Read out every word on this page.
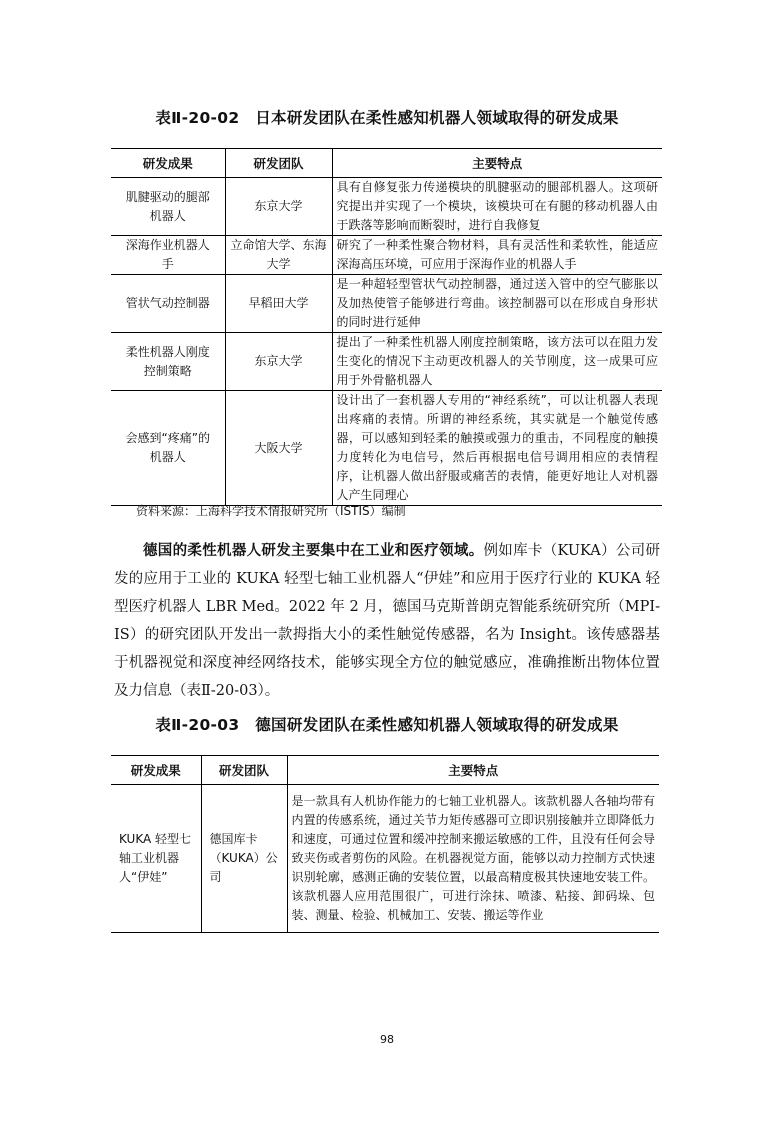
表Ⅱ-20-02　日本研发团队在柔性感知机器人领域取得的研发成果
研发成果	研发团队	主要特点
肌腱驱动的腿部机器人	东京大学	具有自修复张力传递模块的肌腱驱动的腿部机器人。这项研究提出并实现了一个模块，该模块可在有腿的移动机器人由于跌落等影响而断裂时，进行自我修复
深海作业机器人手	立命馆大学、东海大学	研究了一种柔性聚合物材料，具有灵活性和柔软性，能适应深海高压环境，可应用于深海作业的机器人手
管状气动控制器	早稻田大学	是一种超轻型管状气动控制器，通过送入管中的空气膨胀以及加热使管子能够进行弯曲。该控制器可以在形成自身形状的同时进行延伸
柔性机器人刚度控制策略	东京大学	提出了一种柔性机器人刚度控制策略，该方法可以在阻力发生变化的情况下主动更改机器人的关节刚度，这一成果可应用于外骨骼机器人
会感到“疼痛”的机器人	大阪大学	设计出了一套机器人专用的“神经系统”，可以让机器人表现出疼痛的表情。所谓的神经系统，其实就是一个触觉传感器，可以感知到轻柔的触摸或强力的重击，不同程度的触摸力度转化为电信号，然后再根据电信号调用相应的表情程序，让机器人做出舒服或痛苦的表情，能更好地让人对机器人产生同理心
资料来源：上海科学技术情报研究所（ISTIS）编制

德国的柔性机器人研发主要集中在工业和医疗领域。例如库卡（KUKA）公司研发的应用于工业的 KUKA 轻型七轴工业机器人“伊娃”和应用于医疗行业的 KUKA 轻型医疗机器人 LBR Med。2022 年 2 月，德国马克斯普朗克智能系统研究所（MPI-IS）的研究团队开发出一款拇指大小的柔性触觉传感器，名为 Insight。该传感器基于机器视觉和深度神经网络技术，能够实现全方位的触觉感应，准确推断出物体位置及力信息（表Ⅱ-20-03）。

表Ⅱ-20-03　德国研发团队在柔性感知机器人领域取得的研发成果
研发成果	研发团队	主要特点
KUKA 轻型七轴工业机器人“伊娃”	德国库卡（KUKA）公司	是一款具有人机协作能力的七轴工业机器人。该款机器人各轴均带有内置的传感系统，通过关节力矩传感器可立即识别接触并立即降低力和速度，可通过位置和缓冲控制来搬运敏感的工件，且没有任何会导致夹伤或者剪伤的风险。在机器视觉方面，能够以动力控制方式快速识别轮廓，感测正确的安装位置，以最高精度极其快速地安装工件。该款机器人应用范围很广，可进行涂抹、喷漆、粘接、卸码垛、包装、测量、检验、机械加工、安装、搬运等作业
98
